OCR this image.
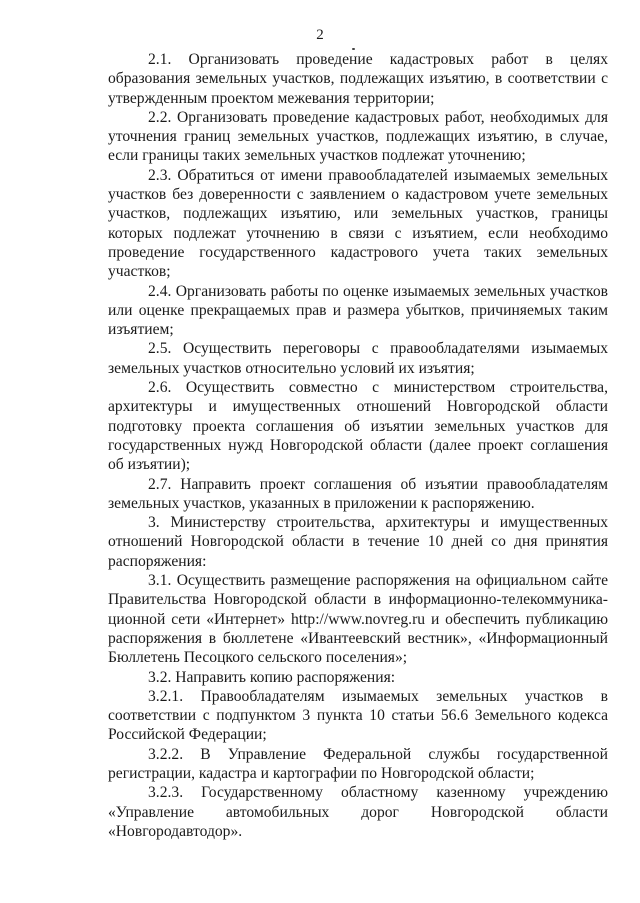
2

2.1. Организовать проведение кадастровых работ в целях образования земельных участков, подлежащих изъятию, в соответствии с утвержденным проектом межевания территории;

2.2. Организовать проведение кадастровых работ, необходимых для уточнения границ земельных участков, подлежащих изъятию, в случае, если границы таких земельных участков подлежат уточнению;

2.3. Обратиться от имени правообладателей изымаемых земельных участков без доверенности с заявлением о кадастровом учете земельных участков, подлежащих изъятию, или земельных участков, границы которых подлежат уточнению в связи с изъятием, если необходимо проведение государственного кадастрового учета таких земельных участков;

2.4. Организовать работы по оценке изымаемых земельных участков или оценке прекращаемых прав и размера убытков, причиняемых таким изъятием;

2.5. Осуществить переговоры с правообладателями изымаемых земельных участков относительно условий их изъятия;

2.6. Осуществить совместно с министерством строительства, архитектуры и имущественных отношений Новгородской области подготовку проекта соглашения об изъятии земельных участков для государственных нужд Новгородской области (далее проект соглашения об изъятии);

2.7. Направить проект соглашения об изъятии правообладателям земельных участков, указанных в приложении к распоряжению.

3. Министерству строительства, архитектуры и имущественных отношений Новгородской области в течение 10 дней со дня принятия распоряжения:

3.1. Осуществить размещение распоряжения на официальном сайте Правительства Новгородской области в информационно-телекоммуника-ционной сети «Интернет» http://www.novreg.ru и обеспечить публикацию распоряжения в бюллетене «Ивантеевский вестник», «Информационный Бюллетень Песоцкого сельского поселения»;

3.2. Направить копию распоряжения:

3.2.1. Правообладателям изымаемых земельных участков в соответствии с подпунктом 3 пункта 10 статьи 56.6 Земельного кодекса Российской Федерации;

3.2.2. В Управление Федеральной службы государственной регистрации, кадастра и картографии по Новгородской области;

3.2.3. Государственному областному казенному учреждению «Управление автомобильных дорог Новгородской области «Новгородавтодор».
